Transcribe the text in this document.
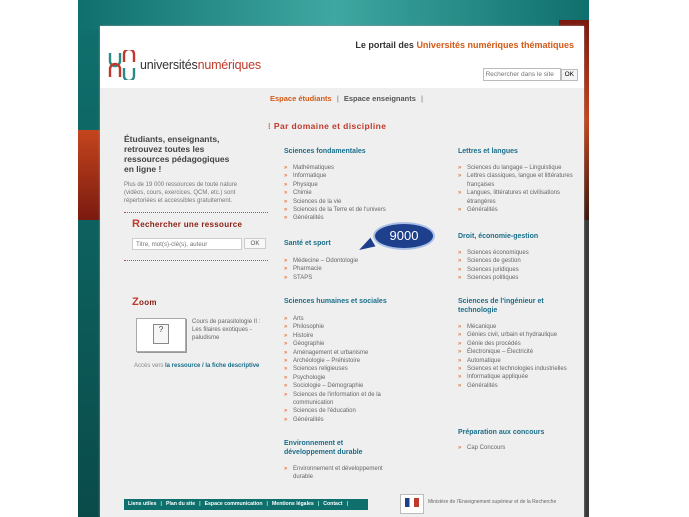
universitésnumériques
Le portail des Universités numériques thématiques
Rechercher dans le site
OK
Espace étudiants | Espace enseignants |
Étudiants, enseignants, retrouvez toutes les ressources pédagogiques en ligne !
Plus de 19 000 ressources de toute nature (vidéos, cours, exercices, QCM, etc.) sont répertoriées et accessibles gratuitement.
Rechercher une ressource
Titre, mot(s)-clé(s), auteur
OK
Zoom
?
Cours de parasitologie II : Les filaires exotiques - paludisme
Accès vers la ressource / la fiche descriptive
⁝ Par domaine et discipline
Sciences fondamentales
» Mathématiques
» Informatique
» Physique
» Chimie
» Sciences de la vie
» Sciences de la Terre et de l'univers
» Généralités
Santé et sport
» Médecine – Odontologie
» Pharmacie
» STAPS
9000
Sciences humaines et sociales
» Arts
» Philosophie
» Histoire
» Géographie
» Aménagement et urbanisme
» Archéologie – Préhistoire
» Sciences religieuses
» Psychologie
» Sociologie – Démographie
» Sciences de l'information et de la communication
» Sciences de l'éducation
» Généralités
Environnement et développement durable
» Environnement et développement durable
Lettres et langues
» Sciences du langage – Linguistique
» Lettres classiques, langue et littératures françaises
» Langues, littératures et civilisations étrangères
» Généralités
Droit, économie-gestion
» Sciences économiques
» Sciences de gestion
» Sciences juridiques
» Sciences politiques
Sciences de l'ingénieur et technologie
» Mécanique
» Génies civil, urbain et hydraulique
» Génie des procédés
» Électronique – Électricité
» Automatique
» Sciences et technologies industrielles
» Informatique appliquée
» Généralités
Préparation aux concours
» Cap Concours
Liens utiles | Plan du site | Espace communication | Mentions légales | Contact |	Ministère de l'Enseignement supérieur et de la Recherche
